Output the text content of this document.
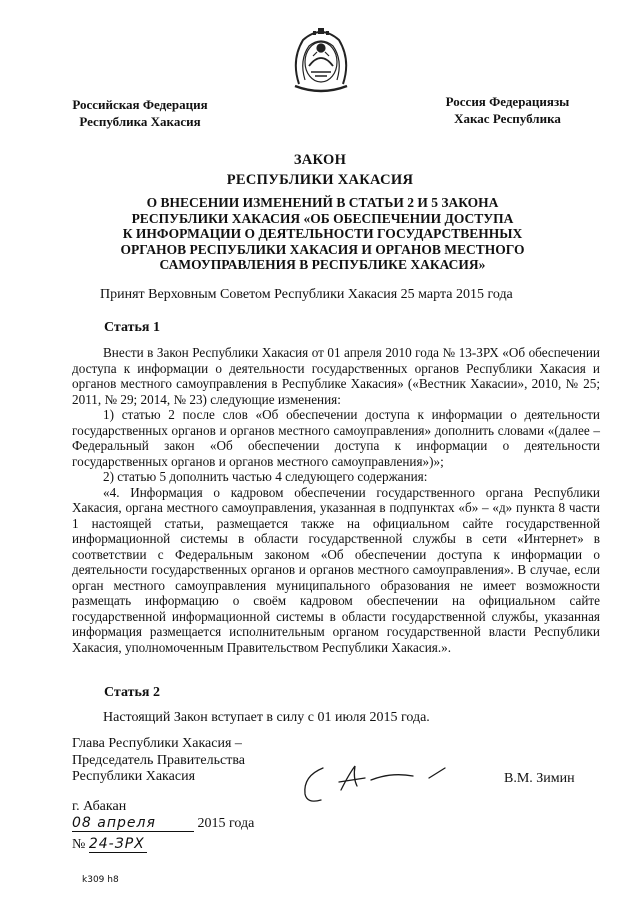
Российская Федерация
Республика Хакасия
Россия Федерациязы
Хакас Республика
ЗАКОН
РЕСПУБЛИКИ ХАКАСИЯ
О ВНЕСЕНИИ ИЗМЕНЕНИЙ В СТАТЬИ 2 И 5 ЗАКОНА
РЕСПУБЛИКИ ХАКАСИЯ «ОБ ОБЕСПЕЧЕНИИ ДОСТУПА
К ИНФОРМАЦИИ О ДЕЯТЕЛЬНОСТИ ГОСУДАРСТВЕННЫХ
ОРГАНОВ РЕСПУБЛИКИ ХАКАСИЯ И ОРГАНОВ МЕСТНОГО
САМОУПРАВЛЕНИЯ В РЕСПУБЛИКЕ ХАКАСИЯ»
Принят Верховным Советом Республики Хакасия 25 марта 2015 года
Статья 1

Внести в Закон Республики Хакасия от 01 апреля 2010 года № 13-ЗРХ «Об обеспечении доступа к информации о деятельности государственных органов Республики Хакасия и органов местного самоуправления в Республике Хакасия» («Вестник Хакасии», 2010, № 25; 2011, № 29; 2014, № 23) следующие изменения:

1) статью 2 после слов «Об обеспечении доступа к информации о деятельности государственных органов и органов местного самоуправления» дополнить словами «(далее – Федеральный закон «Об обеспечении доступа к информации о деятельности государственных органов и органов местного самоуправления»)»;

2) статью 5 дополнить частью 4 следующего содержания:

«4. Информация о кадровом обеспечении государственного органа Республики Хакасия, органа местного самоуправления, указанная в подпунктах «б» – «д» пункта 8 части 1 настоящей статьи, размещается также на официальном сайте государственной информационной системы в области государственной службы в сети «Интернет» в соответствии с Федеральным законом «Об обеспечении доступа к информации о деятельности государственных органов и органов местного самоуправления». В случае, если орган местного самоуправления муниципального образования не имеет возможности размещать информацию о своём кадровом обеспечении на официальном сайте государственной информационной системы в области государственной службы, указанная информация размещается исполнительным органом государственной власти Республики Хакасия, уполномоченным Правительством Республики Хакасия.».

Статья 2

Настоящий Закон вступает в силу с 01 июля 2015 года.

Глава Республики Хакасия –
Председатель Правительства
Республики Хакасия	В.М. Зимин
г. Абакан
08 апреля	2015 года
№ 24-ЗРХ
k309 h8
